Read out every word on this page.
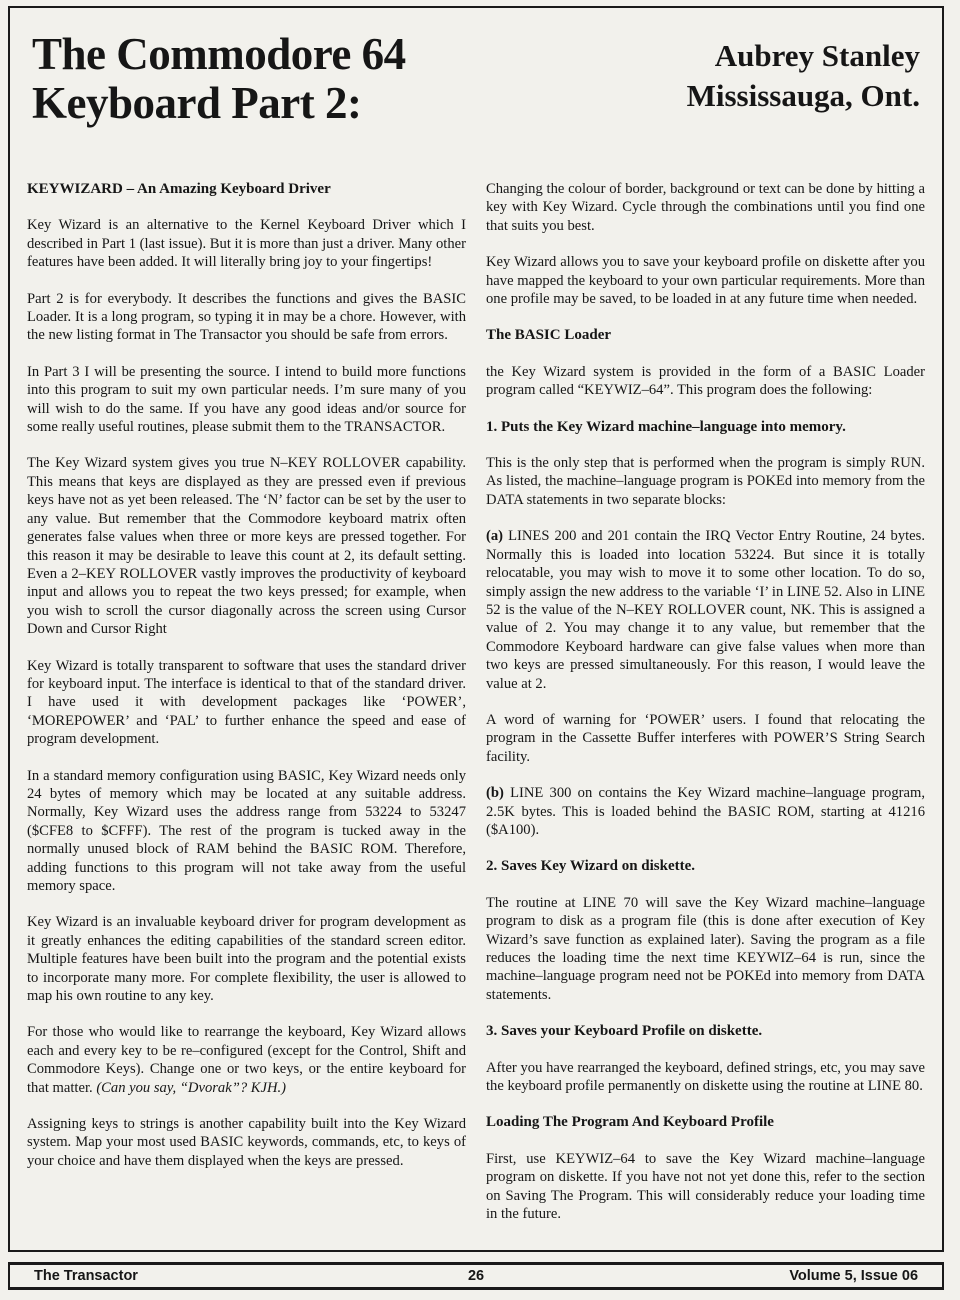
The Commodore 64
Keyboard Part 2:
Aubrey Stanley
Mississauga, Ont.
KEYWIZARD – An Amazing Keyboard Driver

Key Wizard is an alternative to the Kernel Keyboard Driver which I described in Part 1 (last issue). But it is more than just a driver. Many other features have been added. It will literally bring joy to your fingertips!

Part 2 is for everybody. It describes the functions and gives the BASIC Loader. It is a long program, so typing it in may be a chore. However, with the new listing format in The Transactor you should be safe from errors.

In Part 3 I will be presenting the source. I intend to build more functions into this program to suit my own particular needs. I’m sure many of you will wish to do the same. If you have any good ideas and/or source for some really useful routines, please submit them to the TRANSACTOR.

The Key Wizard system gives you true N–KEY ROLLOVER capability. This means that keys are displayed as they are pressed even if previous keys have not as yet been released. The ‘N’ factor can be set by the user to any value. But remember that the Commodore keyboard matrix often generates false values when three or more keys are pressed together. For this reason it may be desirable to leave this count at 2, its default setting. Even a 2–KEY ROLLOVER vastly improves the productivity of keyboard input and allows you to repeat the two keys pressed; for example, when you wish to scroll the cursor diagonally across the screen using Cursor Down and Cursor Right

Key Wizard is totally transparent to software that uses the standard driver for keyboard input. The interface is identical to that of the standard driver. I have used it with development packages like ‘POWER’, ‘MOREPOWER’ and ‘PAL’ to further enhance the speed and ease of program development.

In a standard memory configuration using BASIC, Key Wizard needs only 24 bytes of memory which may be located at any suitable address. Normally, Key Wizard uses the address range from 53224 to 53247 ($CFE8 to $CFFF). The rest of the program is tucked away in the normally unused block of RAM behind the BASIC ROM. Therefore, adding functions to this program will not take away from the useful memory space.

Key Wizard is an invaluable keyboard driver for program development as it greatly enhances the editing capabilities of the standard screen editor. Multiple features have been built into the program and the potential exists to incorporate many more. For complete flexibility, the user is allowed to map his own routine to any key.

For those who would like to rearrange the keyboard, Key Wizard allows each and every key to be re–configured (except for the Control, Shift and Commodore Keys). Change one or two keys, or the entire keyboard for that matter. (Can you say, “Dvorak”? KJH.)

Assigning keys to strings is another capability built into the Key Wizard system. Map your most used BASIC keywords, commands, etc, to keys of your choice and have them displayed when the keys are pressed.

Changing the colour of border, background or text can be done by hitting a key with Key Wizard. Cycle through the combinations until you find one that suits you best.

Key Wizard allows you to save your keyboard profile on diskette after you have mapped the keyboard to your own particular requirements. More than one profile may be saved, to be loaded in at any future time when needed.

The BASIC Loader

the Key Wizard system is provided in the form of a BASIC Loader program called “KEYWIZ–64”. This program does the following:

1. Puts the Key Wizard machine–language into memory.

This is the only step that is performed when the program is simply RUN. As listed, the machine–language program is POKEd into memory from the DATA statements in two separate blocks:

(a) LINES 200 and 201 contain the IRQ Vector Entry Routine, 24 bytes. Normally this is loaded into location 53224. But since it is totally relocatable, you may wish to move it to some other location. To do so, simply assign the new address to the variable ‘I’ in LINE 52. Also in LINE 52 is the value of the N–KEY ROLLOVER count, NK. This is assigned a value of 2. You may change it to any value, but remember that the Commodore Keyboard hardware can give false values when more than two keys are pressed simultaneously. For this reason, I would leave the value at 2.

A word of warning for ‘POWER’ users. I found that relocating the program in the Cassette Buffer interferes with POWER’S String Search facility.

(b) LINE 300 on contains the Key Wizard machine–language program, 2.5K bytes. This is loaded behind the BASIC ROM, starting at 41216 ($A100).

2. Saves Key Wizard on diskette.

The routine at LINE 70 will save the Key Wizard machine–language program to disk as a program file (this is done after execution of Key Wizard’s save function as explained later). Saving the program as a file reduces the loading time the next time KEYWIZ–64 is run, since the machine–language program need not be POKEd into memory from DATA statements.

3. Saves your Keyboard Profile on diskette.

After you have rearranged the keyboard, defined strings, etc, you may save the keyboard profile permanently on diskette using the routine at LINE 80.

Loading The Program And Keyboard Profile

First, use KEYWIZ–64 to save the Key Wizard machine–language program on diskette. If you have not not yet done this, refer to the section on Saving The Program. This will considerably reduce your loading time in the future.

The Transactor	26	Volume 5, Issue 06
